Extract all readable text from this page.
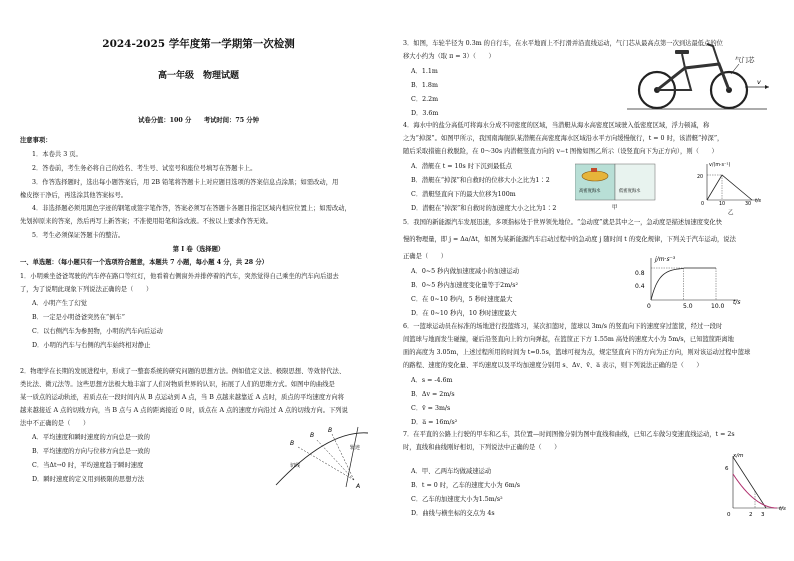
2024-2025 学年度第一学期第一次检测
高一年级　物理试题
试卷分值：100 分　　考试时间：75 分钟
注意事项：
1．本卷共 3 页。
2．答卷前，考生务必将自己的姓名、考生号、试室号和座位号填写在答题卡上。
3．作答选择题时，选出每小题答案后，用 2B 铅笔将答题卡上对应题目选项的答案信息点涂黑；如需改动，用
橡皮擦干净后，再选涂其他答案标号。
4．非选择题必须用黑色字迹的钢笔或签字笔作答，答案必须写在答题卡各题目指定区域内相应位置上；如需改动，
先划掉原来的答案，然后再写上新答案；不准使用铅笔和涂改液。不按以上要求作答无效。
5．考生必须保证答题卡的整洁。
第 I 卷（选择题）
一、单选题：（每小题只有一个选项符合题意，本题共 7 小题，每小题 4 分，共 28 分）
1．小明乘坐爸爸驾驶的汽车停在路口等红灯，他看着右侧窗外并排停着的汽车，突然觉得自己乘坐的汽车向后退去
了，为了说明此现象下列说法正确的是（　　）
A．小明产生了幻觉
B．一定是小明爸爸突然在“倒车”
C．以右侧汽车为参照物，小明的汽车向后运动
D．小明的汽车与右侧的汽车始终相对静止
2．物理学在长期的发展进程中，形成了一整套系统的研究问题的思想方法。例如值定义法、极限思想、等效替代法、
类比法、微元法等。这些思想方法极大地丰富了人们对物质世界的认识，拓展了人们的思维方式。如图中的曲线是
某一质点的运动轨迹，若质点在一段时间内从 B 点运动到 A 点，当 B 点越来越靠近 A 点时，质点的平均速度方向将
越来越接近 A 点的切线方向，当 B 点与 A 点的距离接近 0 时，质点在 A 点的速度方向沿过 A 点的切线方向。下列说
法中不正确的是（　　）
A．平均速度和瞬时速度的方向总是一致的
B．平均速度的方向与位移方向总是一致的
C．当Δt→0 时，平均速度趋于瞬时速度
D．瞬时速度的定义用到极限的思想方法
B
B
B
A
轨迹
切线
3．如图，车轮半径为 0.3m 的自行车，在水平地面上不打滑并沿直线运动，气门芯从最高点第一次到达最低点的位
移大小约为（取 π = 3）（　　）
A．1.1m
B．1.8m
C．2.2m
D．3.6m
气门芯
v
4．海水中的盐分高低可将海水分成不同密度的区域，当潜艇从海水高密度区域驶入低密度区域，浮力顿减，称
之为“掉深”。如图甲所示，我国南海舰队某潜艇在高密度海水区域沿水平方向缓慢航行，t = 0 时，该潜艇“掉深”，
随后采取措施自救脱险，在 0～30s 内潜艇竖直方向的 v−t 图像如图乙所示（设竖直向下为正方向），则（　　）
A．潜艇在 t = 10s 时下沉到最低点
B．潜艇在“掉深”和自救时的位移大小之比为1∶2
C．潜艇竖直向下的最大位移为100m
D．潜艇在“掉深”和自救时的加速度大小之比为1∶2
高密度海水	低密度海水
甲
v/(m·s⁻¹)
t/s
20
0	10	30
乙
5．我国的新能源汽车发展迅速，多项指标处于世界领先地位。“急动度”就是其中之一，急动度是描述加速度变化快
慢的物理量，即 j = Δa/Δt，如图为某新能源汽车启动过程中的急动度 j 随时间 t 的变化规律，下列关于汽车运动，说法
正确是（　　）
A．0~5 秒内做加速度减小的加速运动
B．0~5 秒内加速度变化量等于2m/s²
C．在 0~10 秒内，5 秒时速度最大
D．在 0~10 秒内，10 秒时速度最大
j/m·s⁻³
t/s
0.8
0.4
0	5.0	10.0
6．一篮球运动员在标准的场地进行投篮练习，某次扣篮时，篮球以 3m/s 的竖直向下的速度穿过篮筐，经过一段时
间篮球与地面发生碰撞，碰后沿竖直向上的方向弹起，在篮筐正下方 1.55m 高处的速度大小为 5m/s，已知篮筐距离地
面的高度为 3.05m，上述过程所用的时间为 t=0.5s，篮球可视为点，规定竖直向下的方向为正方向，则对该运动过程中篮球
的路程、速度的变化量、平均速度以及平均加速度分别用 s、Δv、v̄、a̅ 表示，则下列说法正确的是（　　）
A．s = -4.6m
B．Δv = 2m/s
C．v̄ = 3m/s
D．a̅ = 16m/s²
7．在平直的公路上行驶的甲车和乙车，其位置—时间图像分别为图中直线和曲线，已知乙车做匀变速直线运动，t = 2s
时，直线和曲线刚好相切，下列说法中正确的是（　　）
A．甲、乙两车均做减速运动
B．t = 0 时，乙车的速度大小为 6m/s
C．乙车的加速度大小为1.5m/s²
D．曲线与横坐标的交点为 4s
x/m
t/s
6
0	2 3
